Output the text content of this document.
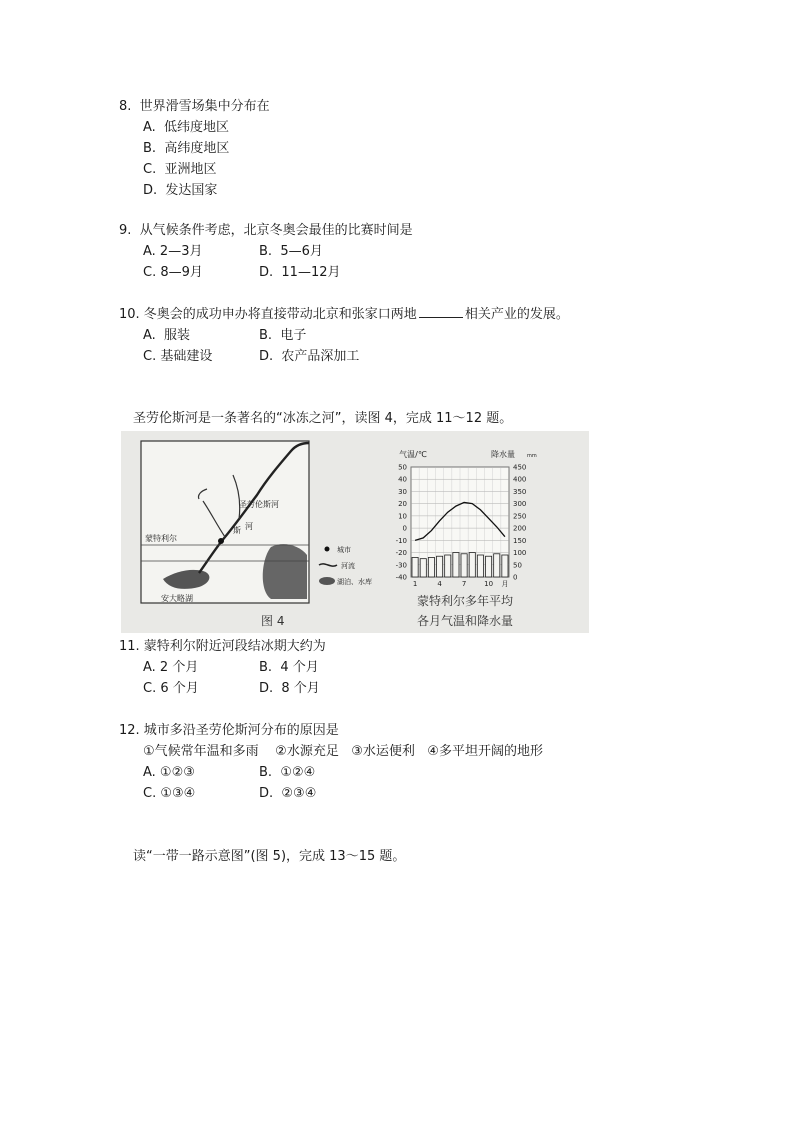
8.  世界滑雪场集中分布在
A.  低纬度地区
B.  高纬度地区
C.  亚洲地区
D.  发达国家
9.  从气候条件考虑，北京冬奥会最佳的比赛时间是
A. 2—3月	B.  5—6月
C. 8—9月	D.  11—12月
10. 冬奥会的成功申办将直接带动北京和张家口两地	相关产业的发展。
A.  服装	B.  电子
C. 基础建设	D.  农产品深加工
圣劳伦斯河是一条著名的“冰冻之河”，读图 4，完成 11～12 题。
蒙特利尔
圣劳伦斯河
河
斯
安大略湖
城市
河流
湖泊、水库
50
40
30
20
10
0
-10
-20
-30
-40
450
400
350
300
250
200
150
100
50
0
气温/℃	降水量 mm
1	4	7	10 月
图 4
蒙特利尔多年平均
各月气温和降水量
11. 蒙特利尔附近河段结冰期大约为
A. 2 个月	B.  4 个月
C. 6 个月	D.  8 个月
12. 城市多沿圣劳伦斯河分布的原因是
①气候常年温和多雨    ②水源充足   ③水运便利   ④多平坦开阔的地形
A. ①②③	B.  ①②④
C. ①③④	D.  ②③④
读“一带一路示意图”(图 5)，完成 13～15 题。
